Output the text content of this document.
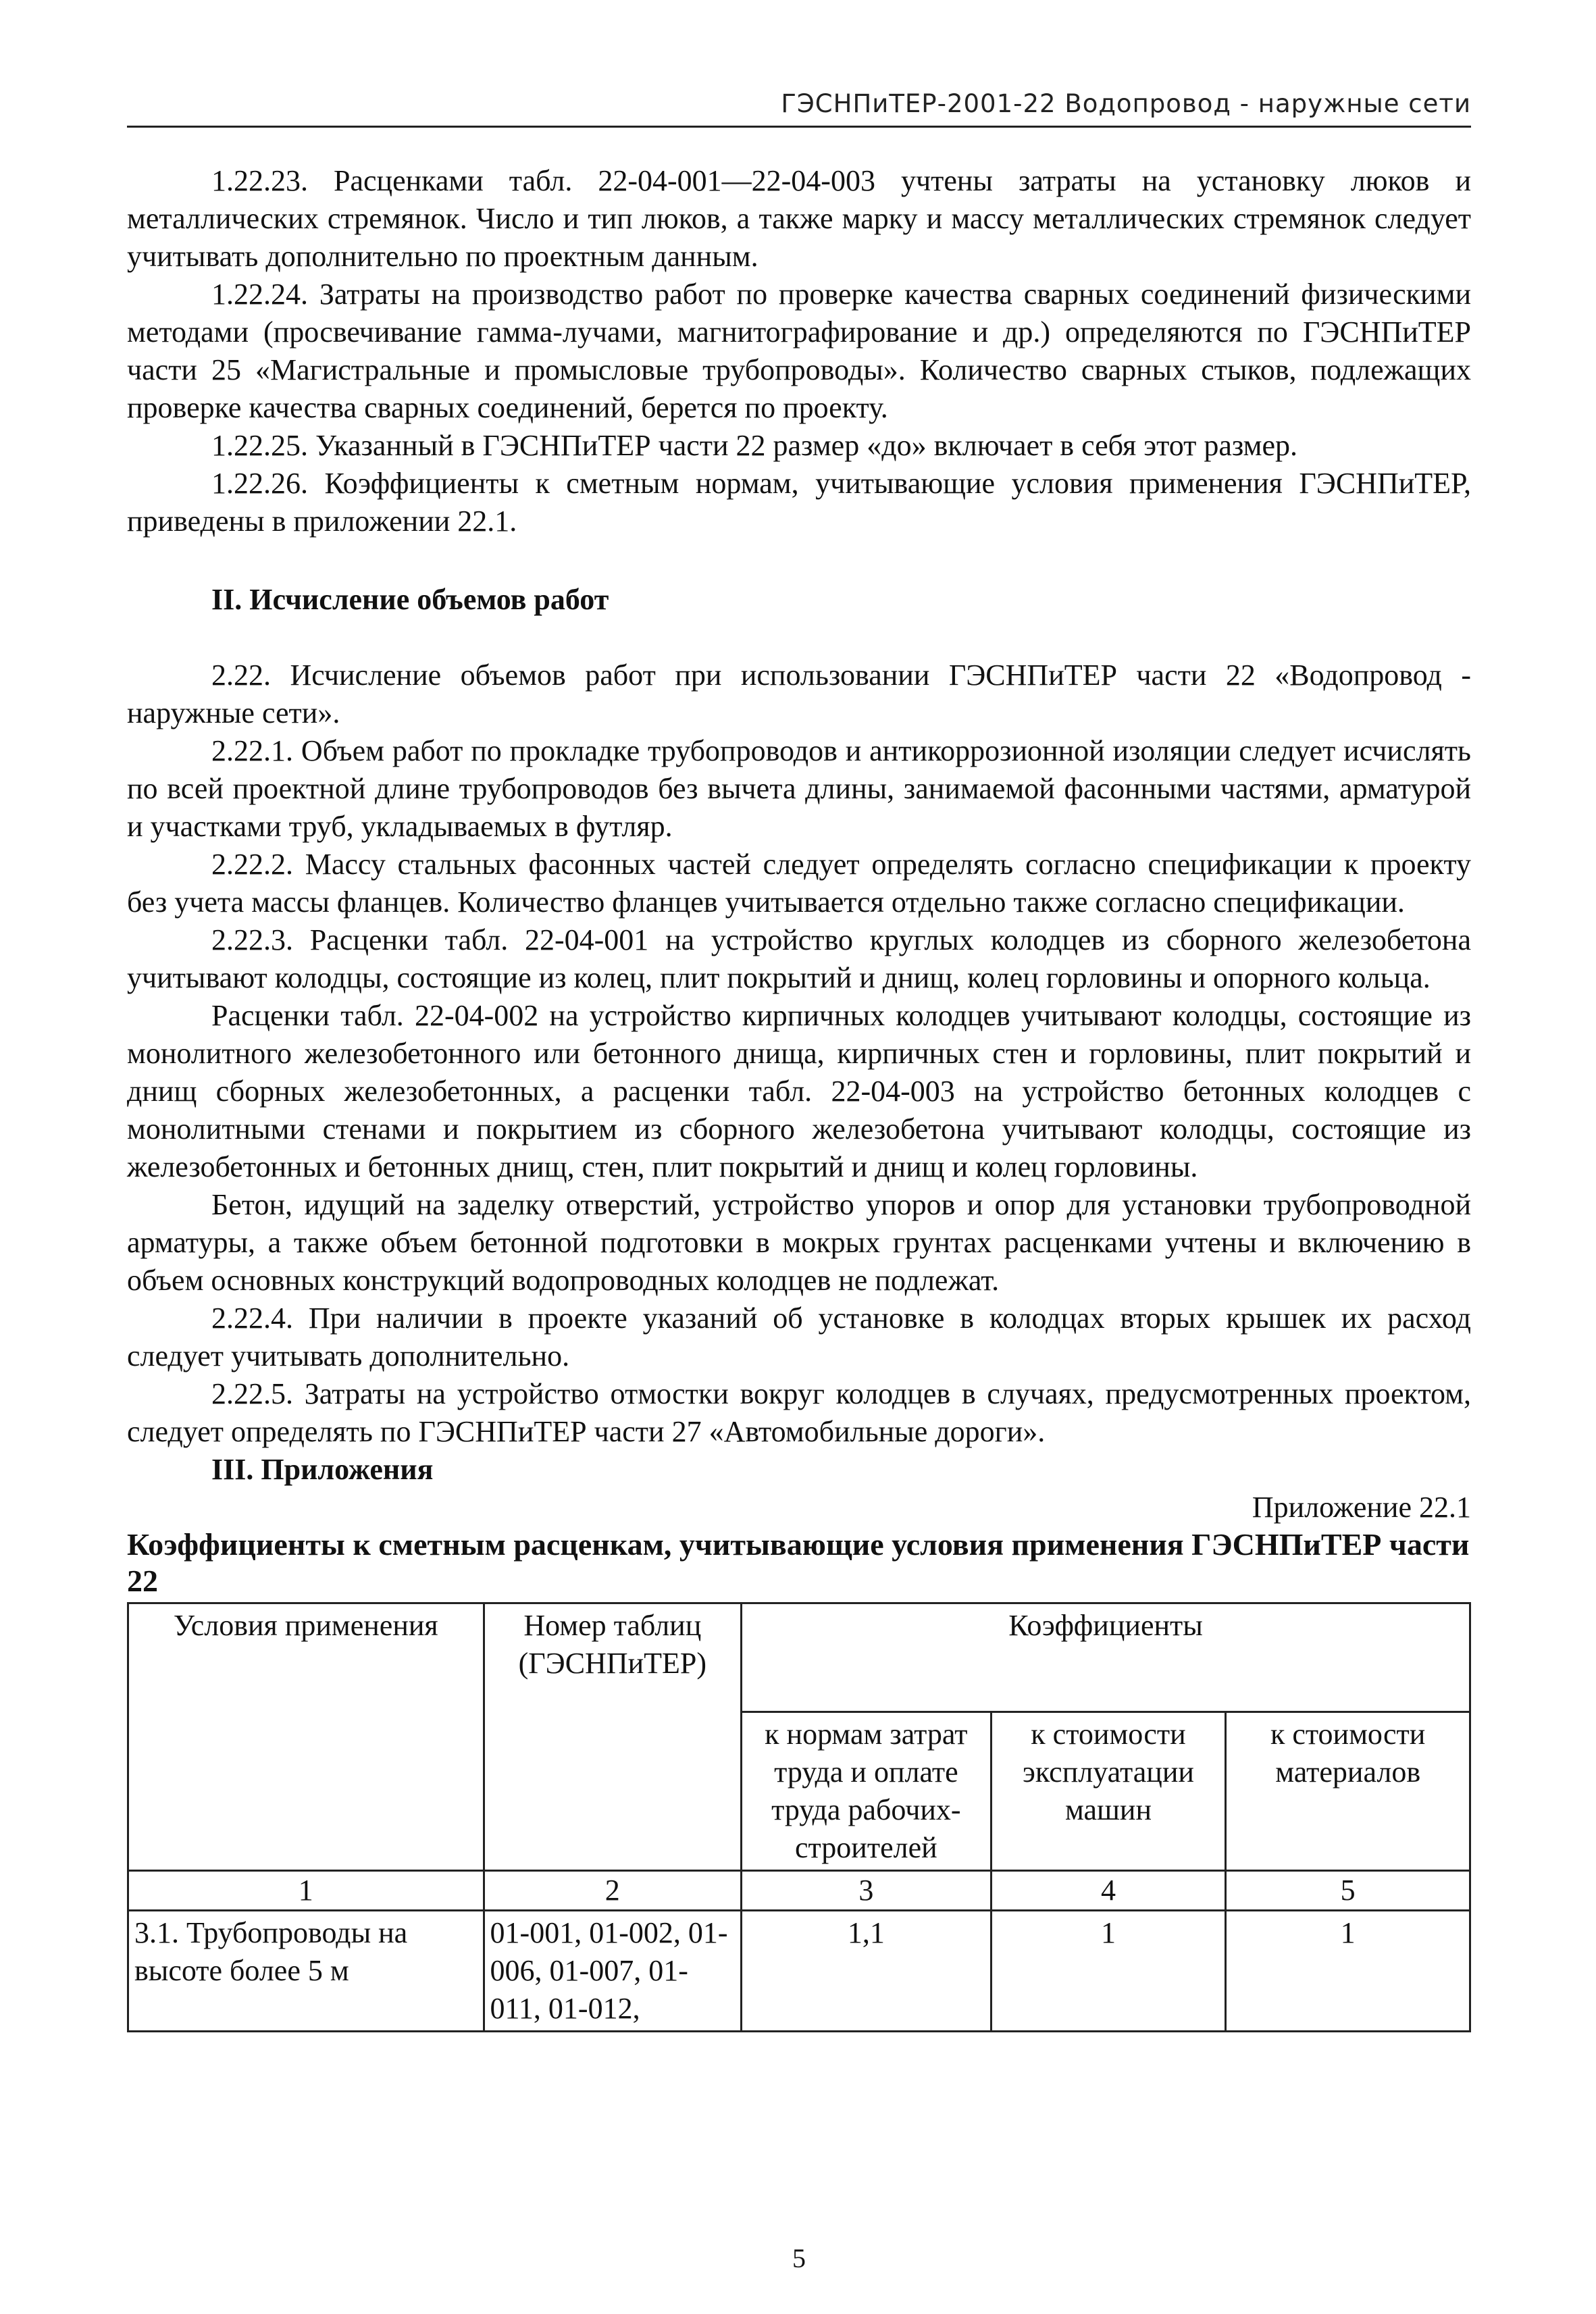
ГЭСНПиТЕР-2001-22 Водопровод - наружные сети

1.22.23. Расценками табл. 22-04-001—22-04-003 учтены затраты на установку люков и металлических стремянок. Число и тип люков, а также марку и массу металлических стремянок следует учитывать дополнительно по проектным данным.

1.22.24. Затраты на производство работ по проверке качества сварных соединений физическими методами (просвечивание гамма-лучами, магнитографирование и др.) определяются по ГЭСНПиТЕР части 25 «Магистральные и промысловые трубопроводы». Количество сварных стыков, подлежащих проверке качества сварных соединений, берется по проекту.

1.22.25. Указанный в ГЭСНПиТЕР части 22 размер «до» включает в себя этот размер.

1.22.26. Коэффициенты к сметным нормам, учитывающие условия применения ГЭСНПиТЕР, приведены в приложении 22.1.

II. Исчисление объемов работ

2.22. Исчисление объемов работ при использовании ГЭСНПиТЕР части 22 «Водопровод - наружные сети».

2.22.1. Объем работ по прокладке трубопроводов и антикоррозионной изоляции следует исчислять по всей проектной длине трубопроводов без вычета длины, занимаемой фасонными частями, арматурой и участками труб, укладываемых в футляр.

2.22.2. Массу стальных фасонных частей следует определять согласно спецификации к проекту без учета массы фланцев. Количество фланцев учитывается отдельно также согласно спецификации.

2.22.3. Расценки табл. 22-04-001 на устройство круглых колодцев из сборного железобетона учитывают колодцы, состоящие из колец, плит покрытий и днищ, колец горловины и опорного кольца.

Расценки табл. 22-04-002 на устройство кирпичных колодцев учитывают колодцы, состоящие из монолитного железобетонного или бетонного днища, кирпичных стен и горловины, плит покрытий и днищ сборных железобетонных, а расценки табл. 22-04-003 на устройство бетонных колодцев с монолитными стенами и покрытием из сборного железобетона учитывают колодцы, состоящие из железобетонных и бетонных днищ, стен, плит покрытий и днищ и колец горловины.

Бетон, идущий на заделку отверстий, устройство упоров и опор для установки трубопроводной арматуры, а также объем бетонной подготовки в мокрых грунтах расценками учтены и включению в объем основных конструкций водопроводных колодцев не подлежат.

2.22.4. При наличии в проекте указаний об установке в колодцах вторых крышек их расход следует учитывать дополнительно.

2.22.5. Затраты на устройство отмостки вокруг колодцев в случаях, предусмотренных проектом, следует определять по ГЭСНПиТЕР части 27 «Автомобильные дороги».

III. Приложения

Приложение 22.1

Коэффициенты к сметным расценкам, учитывающие условия применения ГЭСНПиТЕР части 22

Условия применения	Номер таблиц (ГЭСНПиТЕР)	Коэффициенты		
		к нормам затрат труда и оплате труда рабочих-строителей	к стоимости эксплуатации машин	к стоимости материалов
1	2	3	4	5
3.1. Трубопроводы на высоте более 5 м	01-001, 01-002, 01-006, 01-007, 01-011, 01-012,	1,1	1	1
5
